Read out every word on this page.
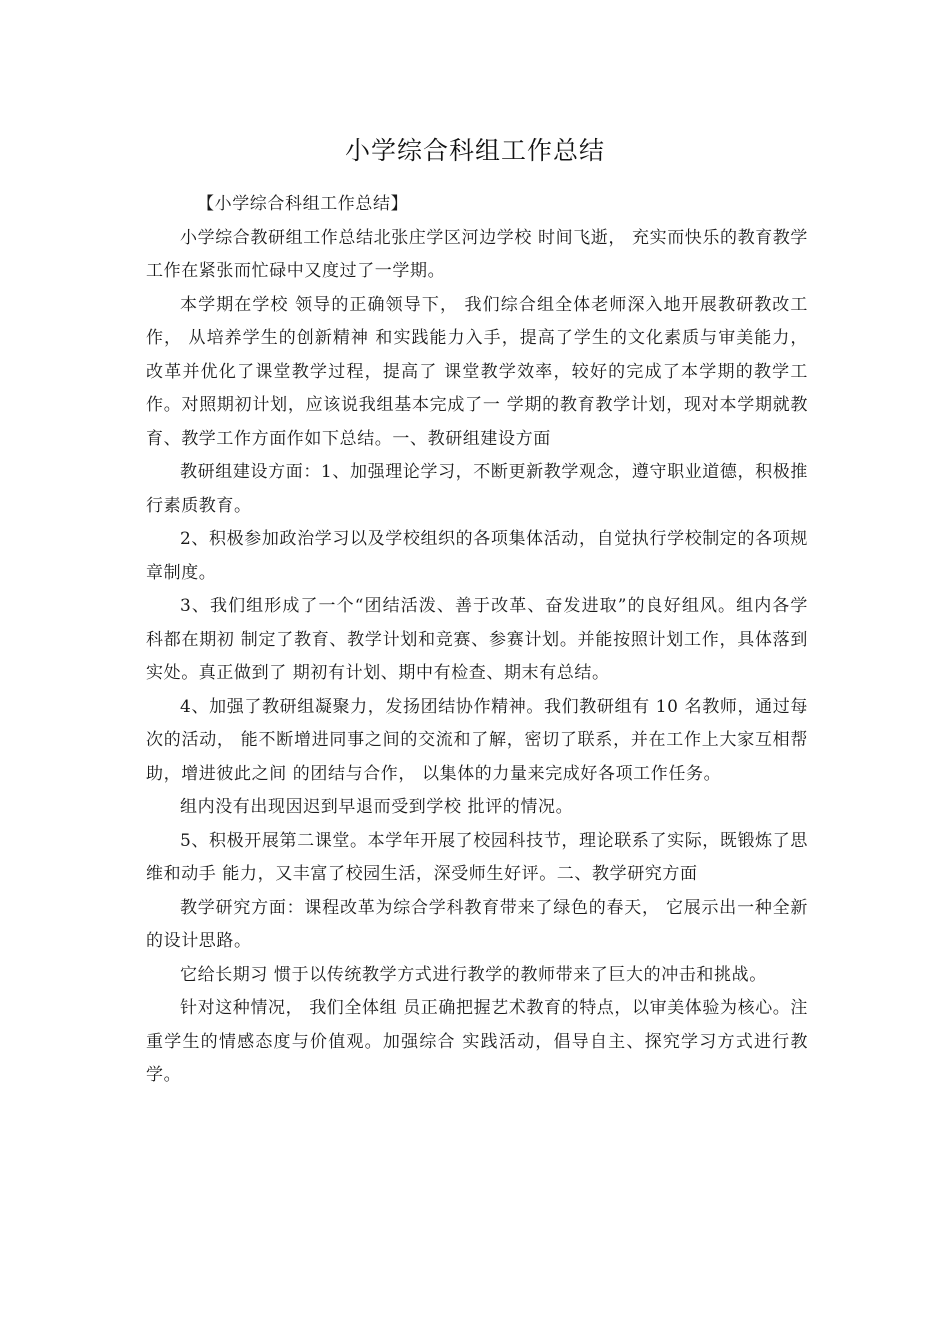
小学综合科组工作总结

【小学综合科组工作总结】

小学综合教研组工作总结北张庄学区河边学校 时间飞逝， 充实而快乐的教育教学工作在紧张而忙碌中又度过了一学期。

本学期在学校 领导的正确领导下， 我们综合组全体老师深入地开展教研教改工作， 从培养学生的创新精神 和实践能力入手，提高了学生的文化素质与审美能力，改革并优化了课堂教学过程，提高了 课堂教学效率，较好的完成了本学期的教学工作。对照期初计划，应该说我组基本完成了一 学期的教育教学计划，现对本学期就教育、教学工作方面作如下总结。一、教研组建设方面

教研组建设方面：1、加强理论学习，不断更新教学观念，遵守职业道德，积极推行素质教育。

2、积极参加政治学习以及学校组织的各项集体活动，自觉执行学校制定的各项规章制度。

3、我们组形成了一个“团结活泼、善于改革、奋发进取”的良好组风。组内各学科都在期初 制定了教育、教学计划和竞赛、参赛计划。并能按照计划工作，具体落到实处。真正做到了 期初有计划、期中有检查、期末有总结。

4、加强了教研组凝聚力，发扬团结协作精神。我们教研组有 10 名教师，通过每次的活动， 能不断增进同事之间的交流和了解，密切了联系，并在工作上大家互相帮助，增进彼此之间 的团结与合作， 以集体的力量来完成好各项工作任务。

组内没有出现因迟到早退而受到学校 批评的情况。

5、积极开展第二课堂。本学年开展了校园科技节，理论联系了实际，既锻炼了思维和动手 能力，又丰富了校园生活，深受师生好评。二、教学研究方面

教学研究方面：课程改革为综合学科教育带来了绿色的春天， 它展示出一种全新的设计思路。

它给长期习 惯于以传统教学方式进行教学的教师带来了巨大的冲击和挑战。

针对这种情况， 我们全体组 员正确把握艺术教育的特点，以审美体验为核心。注重学生的情感态度与价值观。加强综合 实践活动，倡导自主、探究学习方式进行教学。
